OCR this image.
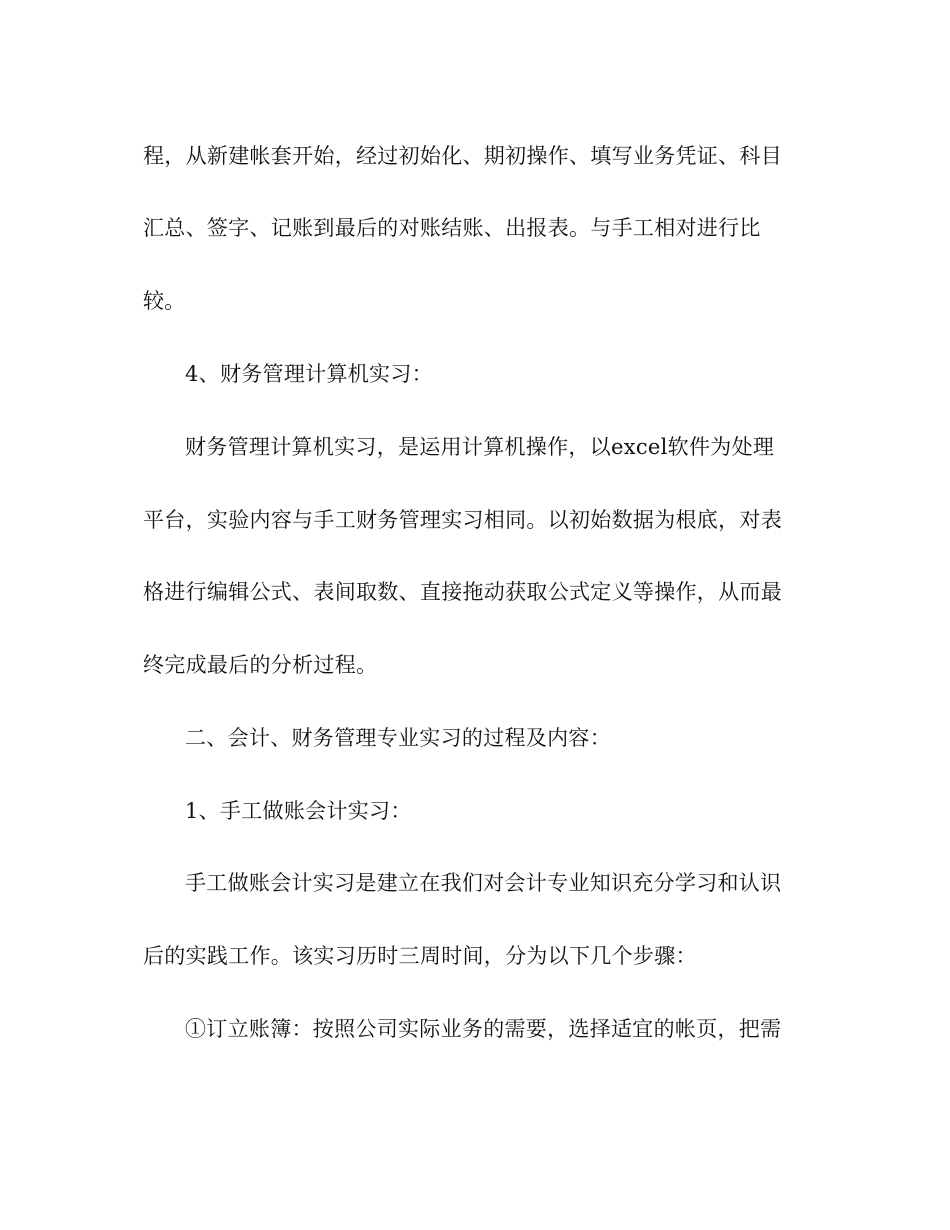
程，从新建帐套开始，经过初始化、期初操作、填写业务凭证、科目
汇总、签字、记账到最后的对账结账、出报表。与手工相对进行比
较。
4、财务管理计算机实习：
财务管理计算机实习，是运用计算机操作，以excel软件为处理
平台，实验内容与手工财务管理实习相同。以初始数据为根底，对表
格进行编辑公式、表间取数、直接拖动获取公式定义等操作，从而最
终完成最后的分析过程。
二、会计、财务管理专业实习的过程及内容：
1、手工做账会计实习：
手工做账会计实习是建立在我们对会计专业知识充分学习和认识
后的实践工作。该实习历时三周时间，分为以下几个步骤：
①订立账簿：按照公司实际业务的需要，选择适宜的帐页，把需
